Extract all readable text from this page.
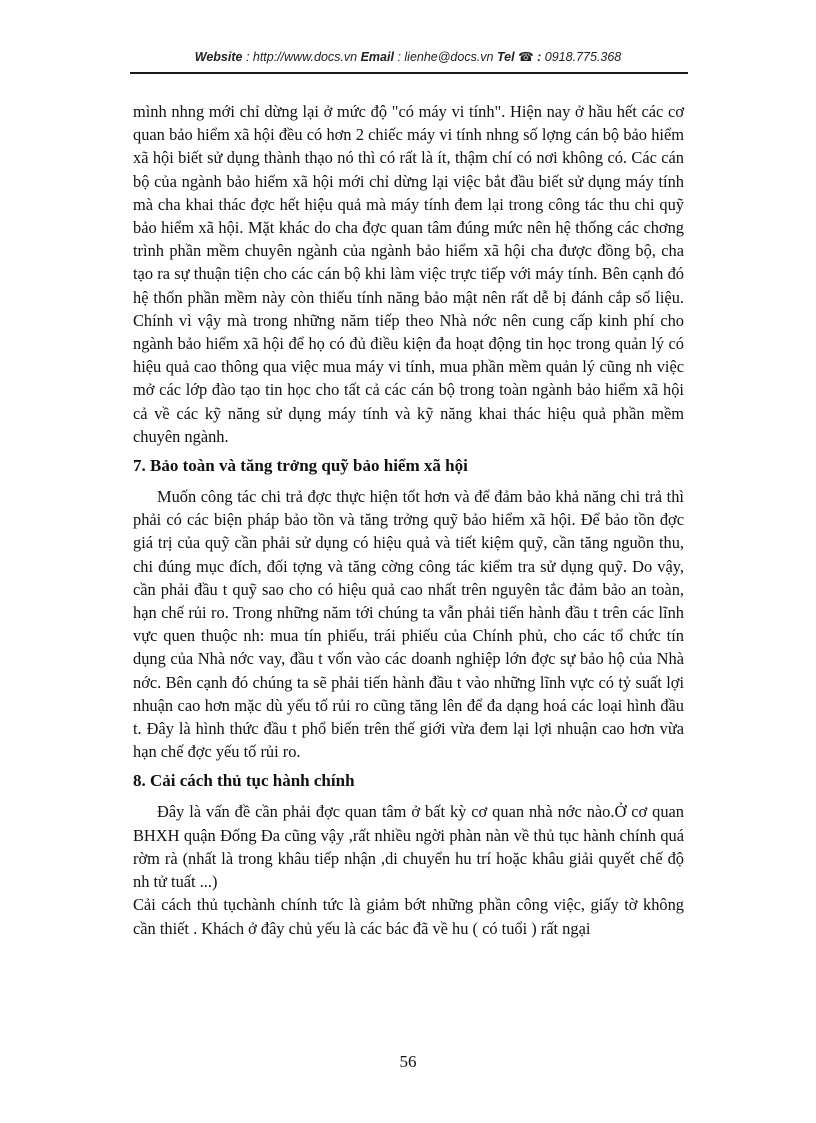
Website : http://www.docs.vn Email : lienhe@docs.vn Tel ☎ : 0918.775.368

mình nhng mới chỉ dừng lại ở mức độ "có máy vi tính". Hiện nay ở hầu hết các cơ quan bảo hiểm xã hội đều có hơn 2 chiếc máy vi tính nhng số lợng cán bộ bảo hiểm xã hội biết sử dụng thành thạo nó thì có rất là ít, thậm chí có nơi không có. Các cán bộ của ngành bảo hiểm xã hội mới chỉ dừng lại việc bắt đầu biết sử dụng máy tính mà cha khai thác đợc hết hiệu quả mà máy tính đem lại trong công tác thu chi quỹ bảo hiểm xã hội. Mặt khác do cha đợc quan tâm đúng mức nên hệ thống các chơng trình phần mềm chuyên ngành của ngành bảo hiểm xã hội cha được đồng bộ, cha tạo ra sự thuận tiện cho các cán bộ khi làm việc trực tiếp với máy tính. Bên cạnh đó hệ thốn phần mềm này còn thiếu tính năng bảo mật nên rất dễ bị đánh cắp số liệu. Chính vì vậy mà trong những năm tiếp theo Nhà nớc nên cung cấp kinh phí cho ngành bảo hiểm xã hội để họ có đủ điều kiện đa hoạt động tin học trong quản lý có hiệu quả cao thông qua việc mua máy vi tính, mua phần mềm quản lý cũng nh việc mở các lớp đào tạo tin học cho tất cả các cán bộ trong toàn ngành bảo hiểm xã hội cả về các kỹ năng sử dụng máy tính và kỹ năng khai thác hiệu quả phần mềm chuyên ngành.

7. Bảo toàn và tăng trởng quỹ bảo hiểm xã hội

Muốn công tác chi trả đợc thực hiện tốt hơn và để đảm bảo khả năng chi trả thì phải có các biện pháp bảo tồn và tăng trởng quỹ bảo hiểm xã hội. Để bảo tồn đợc giá trị của quỹ cần phải sử dụng có hiệu quả và tiết kiệm quỹ, cần tăng nguồn thu, chi đúng mục đích, đối tợng và tăng cờng công tác kiểm tra sử dụng quỹ. Do vậy, cần phải đầu t quỹ sao cho có hiệu quả cao nhất trên nguyên tắc đảm bảo an toàn, hạn chế rủi ro. Trong những năm tới chúng ta vẫn phải tiến hành đầu t trên các lĩnh vực quen thuộc nh: mua tín phiếu, trái phiếu của Chính phủ, cho các tổ chức tín dụng của Nhà nớc vay, đầu t vốn vào các doanh nghiệp lớn đợc sự bảo hộ của Nhà nớc. Bên cạnh đó chúng ta sẽ phải tiến hành đầu t vào những lĩnh vực có tỷ suất lợi nhuận cao hơn mặc dù yếu tố rủi ro cũng tăng lên để đa dạng hoá các loại hình đầu t. Đây là hình thức đầu t phổ biến trên thế giới vừa đem lại lợi nhuận cao hơn vừa hạn chế đợc yếu tố rủi ro.

8. Cải cách thủ tục hành chính

Đây là vấn đề cần phải đợc quan tâm ở bất kỳ cơ quan nhà nớc nào.Ở cơ quan BHXH quận Đống Đa cũng vậy ,rất nhiều ngời phàn nàn về thủ tục hành chính quá rờm rà (nhất là trong khâu tiếp nhận ,di chuyển hu trí hoặc khâu giải quyết chế độ nh tử tuất ...)

Cải cách thủ tụchành chính tức là giảm bớt những phần công việc, giấy tờ không cần thiết . Khách ở đây chủ yếu là các bác đã về hu ( có tuổi ) rất ngại

56
